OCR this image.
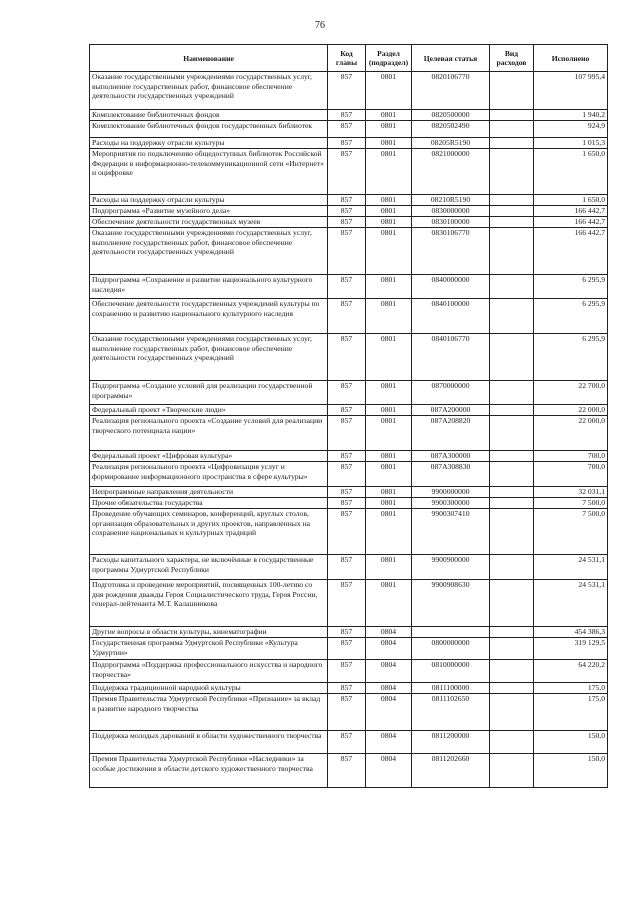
76
Наименование	Код главы	Раздел (подраздел)	Целевая статья	Вид расходов	Исполнено
Оказание государственными учреждениями государственных услуг, выполнение государственных работ, финансовое обеспечение деятельности государственных учреждений	857	0801	0820106770		107 995,4
Комплектование библиотечных фондов	857	0801	0820500000		1 940,2
Комплектование библиотечных фондов государственных библиотек	857	0801	0820502490		924,9
Расходы на поддержку отрасли культуры	857	0801	08205R5190		1 015,3
Мероприятия по подключению общедоступных библиотек Российской Федерации в информационно-телекоммуникационной сети «Интернет» и оцифровке	857	0801	0821000000		1 650,0
Расходы на поддержку отрасли культуры	857	0801	08210R5190		1 650,0
Подпрограмма «Развитие музейного дела»	857	0801	0830000000		166 442,7
Обеспечение деятельности государственных музеев	857	0801	0830100000		166 442,7
Оказание государственными учреждениями государственных услуг, выполнение государственных работ, финансовое обеспечение деятельности государственных учреждений	857	0801	0830106770		166 442,7
Подпрограмма «Сохранение и развитие национального культурного наследия»	857	0801	0840000000		6 295,9
Обеспечение деятельности государственных учреждений культуры по сохранению и развитию национального культурного наследия	857	0801	0840100000		6 295,9
Оказание государственными учреждениями государственных услуг, выполнение государственных работ, финансовое обеспечение деятельности государственных учреждений	857	0801	0840106770		6 295,9
Подпрограмма «Создание условий для реализации государственной программы»	857	0801	0870000000		22 700,0
Федеральный проект «Творческие люди»	857	0801	087A200000		22 000,0
Реализация регионального проекта «Создание условий для реализации творческого потенциала нации»	857	0801	087A208820		22 000,0
Федеральный проект «Цифровая культура»	857	0801	087A300000		700,0
Реализация регионального проекта «Цифровизация услуг и формирование информационного пространства в сфере культуры»	857	0801	087A308830		700,0
Непрограммные направления деятельности	857	0801	9900000000		32 031,1
Прочие обязательства государства	857	0801	9900300000		7 500,0
Проведение обучающих семинаров, конференций, круглых столов, организация образовательных и других проектов, направленных на сохранение национальных и культурных традиций	857	0801	9900307410		7 500,0
Расходы капитального характера, не включённые в государственные программы Удмуртской Республики	857	0801	9900900000		24 531,1
Подготовка и проведение мероприятий, посвященных 100-летию со дня рождения дважды Героя Социалистического труда, Героя России, генерал-лейтенанта М.Т. Калашникова	857	0801	9900908630		24 531,1
Другие вопросы в области культуры, кинематографии	857	0804			454 386,3
Государственная программа Удмуртской Республики «Культура Удмуртии»	857	0804	0800000000		319 129,5
Подпрограмма «Поддержка профессионального искусства и народного творчества»	857	0804	0810000000		64 220,2
Поддержка традиционной народной культуры	857	0804	0811100000		175,0
Премия Правительства Удмуртской Республики «Признание» за вклад в развитие народного творчества	857	0804	0811102650		175,0
Поддержка молодых дарований в области художественного творчества	857	0804	0811200000		150,0
Премия Правительства Удмуртской Республики «Наследники» за особые достижения в области детского художественного творчества	857	0804	0811202660		150,0
